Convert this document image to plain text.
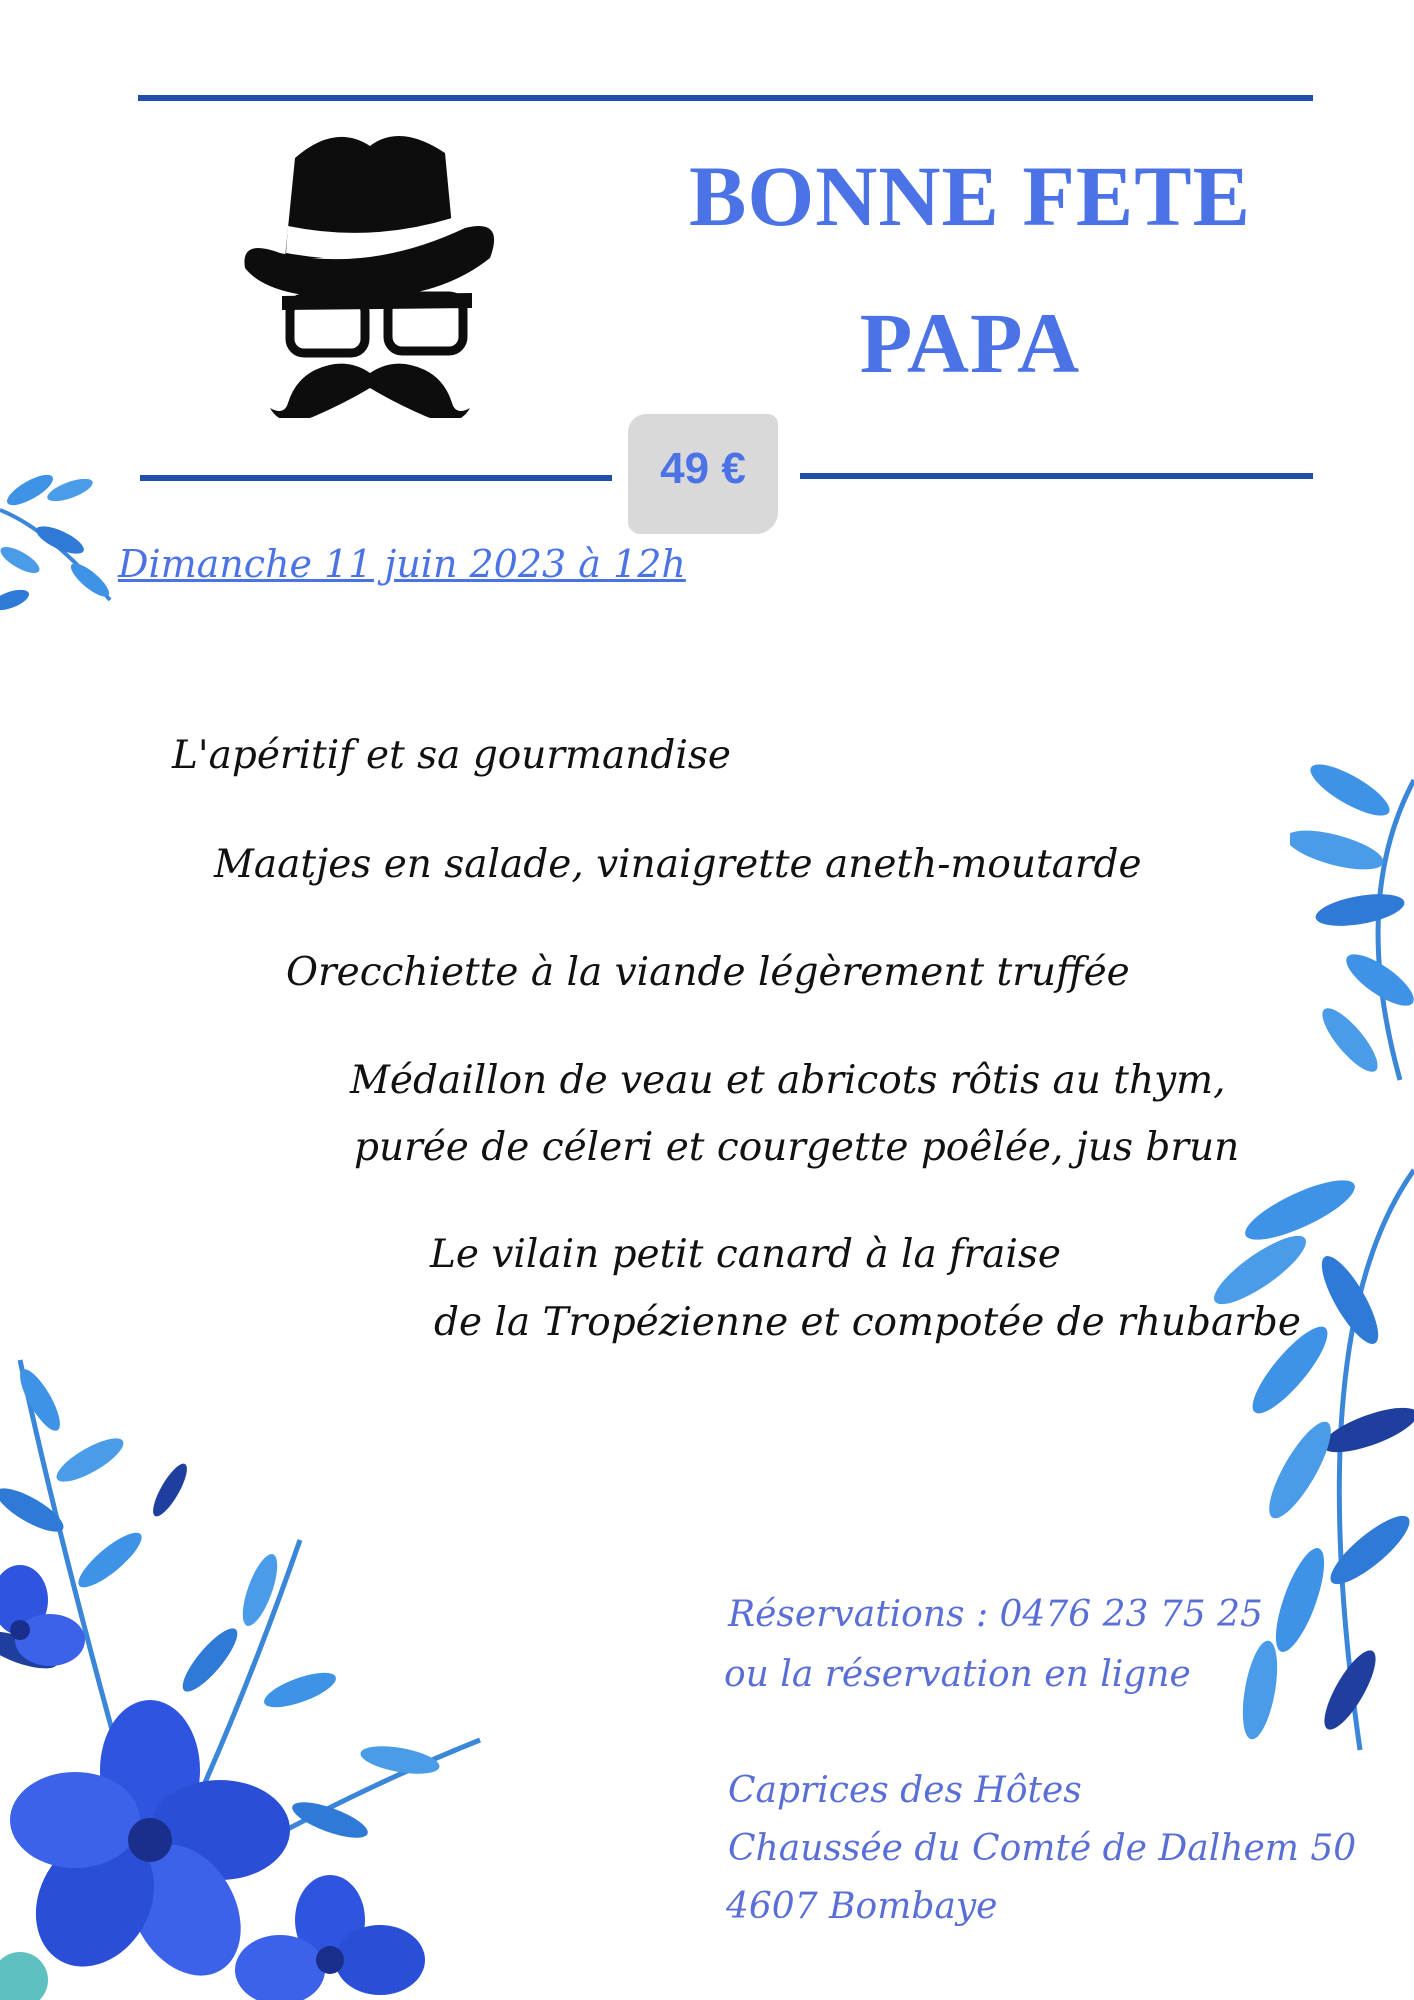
BONNE FETE
PAPA
49 €
Dimanche 11 juin 2023 à 12h
L'apéritif et sa gourmandise
Maatjes en salade, vinaigrette aneth-moutarde
Orecchiette à la viande légèrement truffée
Médaillon de veau et abricots rôtis au thym,
purée de céleri et courgette poêlée, jus brun
Le vilain petit canard à la fraise
de la Tropézienne et compotée de rhubarbe
Réservations : 0476 23 75 25
ou la réservation en ligne
Caprices des Hôtes
Chaussée du Comté de Dalhem 50
4607 Bombaye
